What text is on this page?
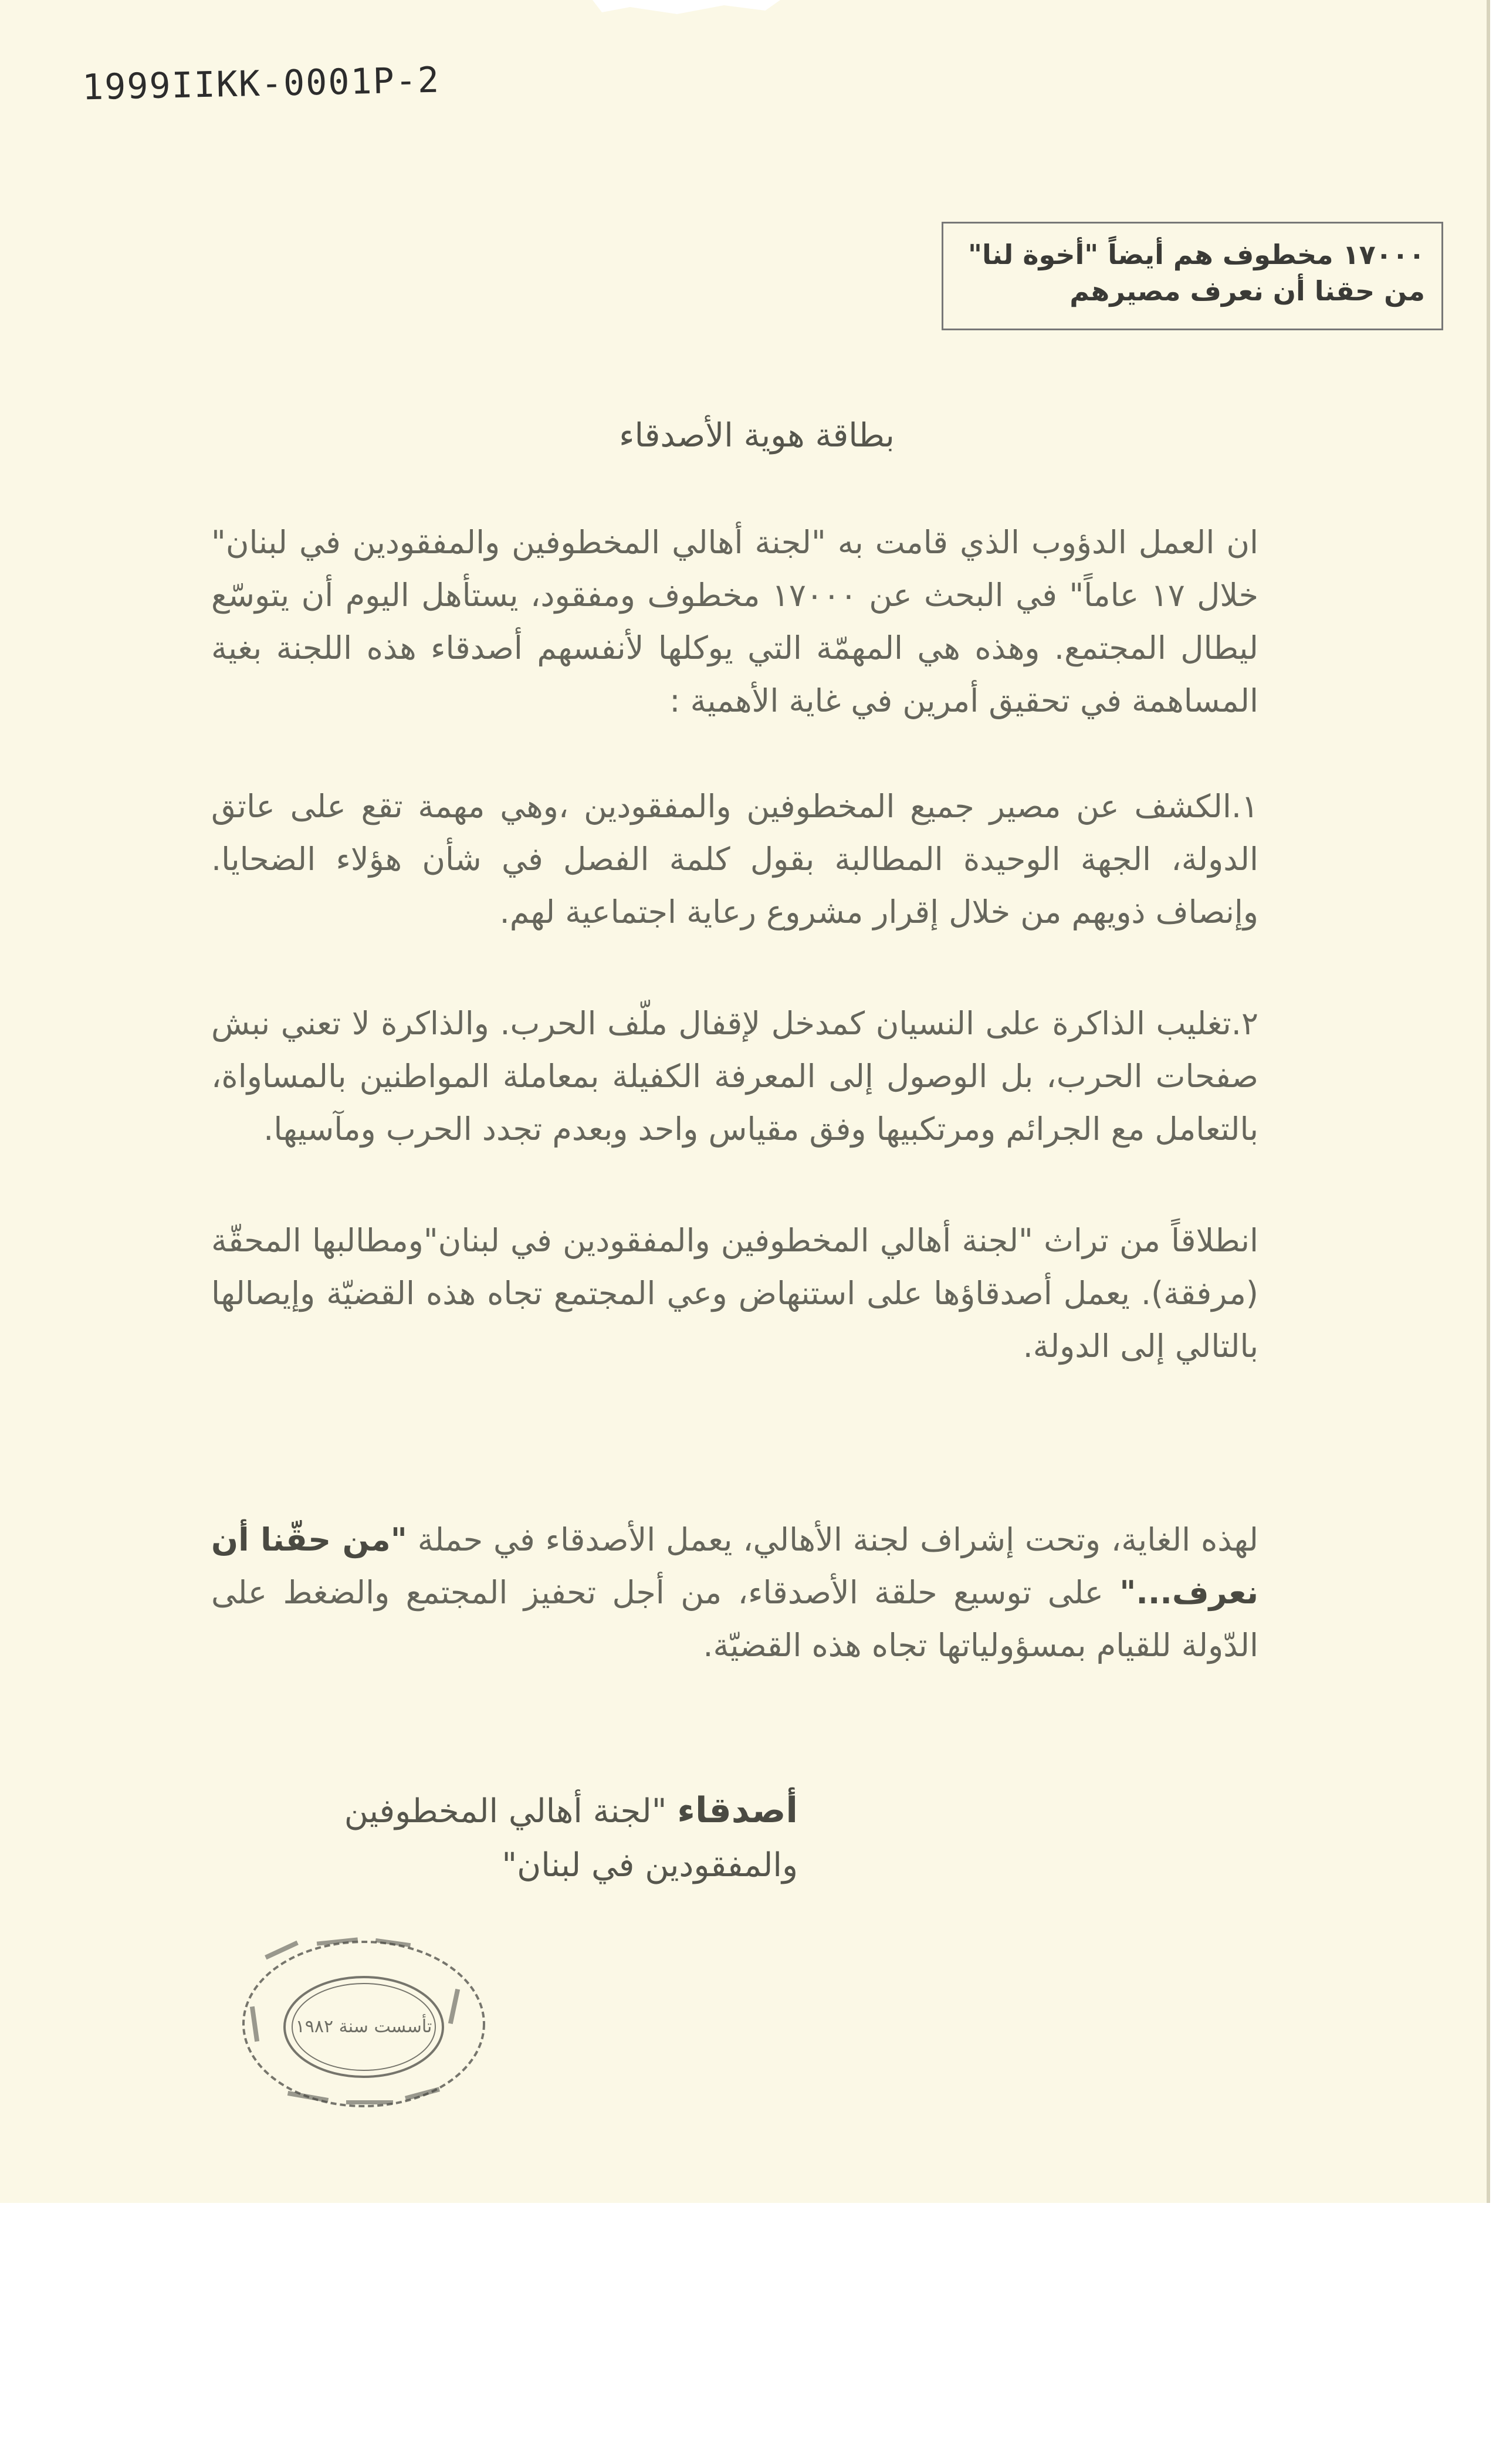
1999IIKK-0001P-2
١٧٠٠٠ مخطوف هم أيضاً "أخوة لنا"
من حقنا أن نعرف مصيرهم
بطاقة هوية الأصدقاء

ان العمل الدؤوب الذي قامت به "لجنة أهالي المخطوفين والمفقودين في لبنان" خلال ١٧ عاماً" في البحث عن ١٧٠٠٠ مخطوف ومفقود، يستأهل اليوم أن يتوسّع ليطال المجتمع. وهذه هي المهمّة التي يوكلها لأنفسهم أصدقاء هذه اللجنة بغية المساهمة في تحقيق أمرين في غاية الأهمية :

١.الكشف عن مصير جميع المخطوفين والمفقودين ،وهي مهمة تقع على عاتق الدولة، الجهة الوحيدة المطالبة بقول كلمة الفصل في شأن هؤلاء الضحايا. وإنصاف ذويهم من خلال إقرار مشروع رعاية اجتماعية لهم.

٢.تغليب الذاكرة على النسيان كمدخل لإقفال ملّف الحرب. والذاكرة لا تعني نبش صفحات الحرب، بل الوصول إلى المعرفة الكفيلة بمعاملة المواطنين بالمساواة، بالتعامل مع الجرائم ومرتكبيها وفق مقياس واحد وبعدم تجدد الحرب ومآسيها.

انطلاقاً من تراث "لجنة أهالي المخطوفين والمفقودين في لبنان"ومطالبها المحقّة (مرفقة). يعمل أصدقاؤها على استنهاض وعي المجتمع تجاه هذه القضيّة وإيصالها بالتالي إلى الدولة.

لهذه الغاية، وتحت إشراف لجنة الأهالي، يعمل الأصدقاء في حملة "من حقّنا أن نعرف..." على توسيع حلقة الأصدقاء، من أجل تحفيز المجتمع والضغط على الدّولة للقيام بمسؤولياتها تجاه هذه القضيّة.

أصدقاء "لجنة أهالي المخطوفين
والمفقودين في لبنان"
تأسست سنة ١٩٨٢
